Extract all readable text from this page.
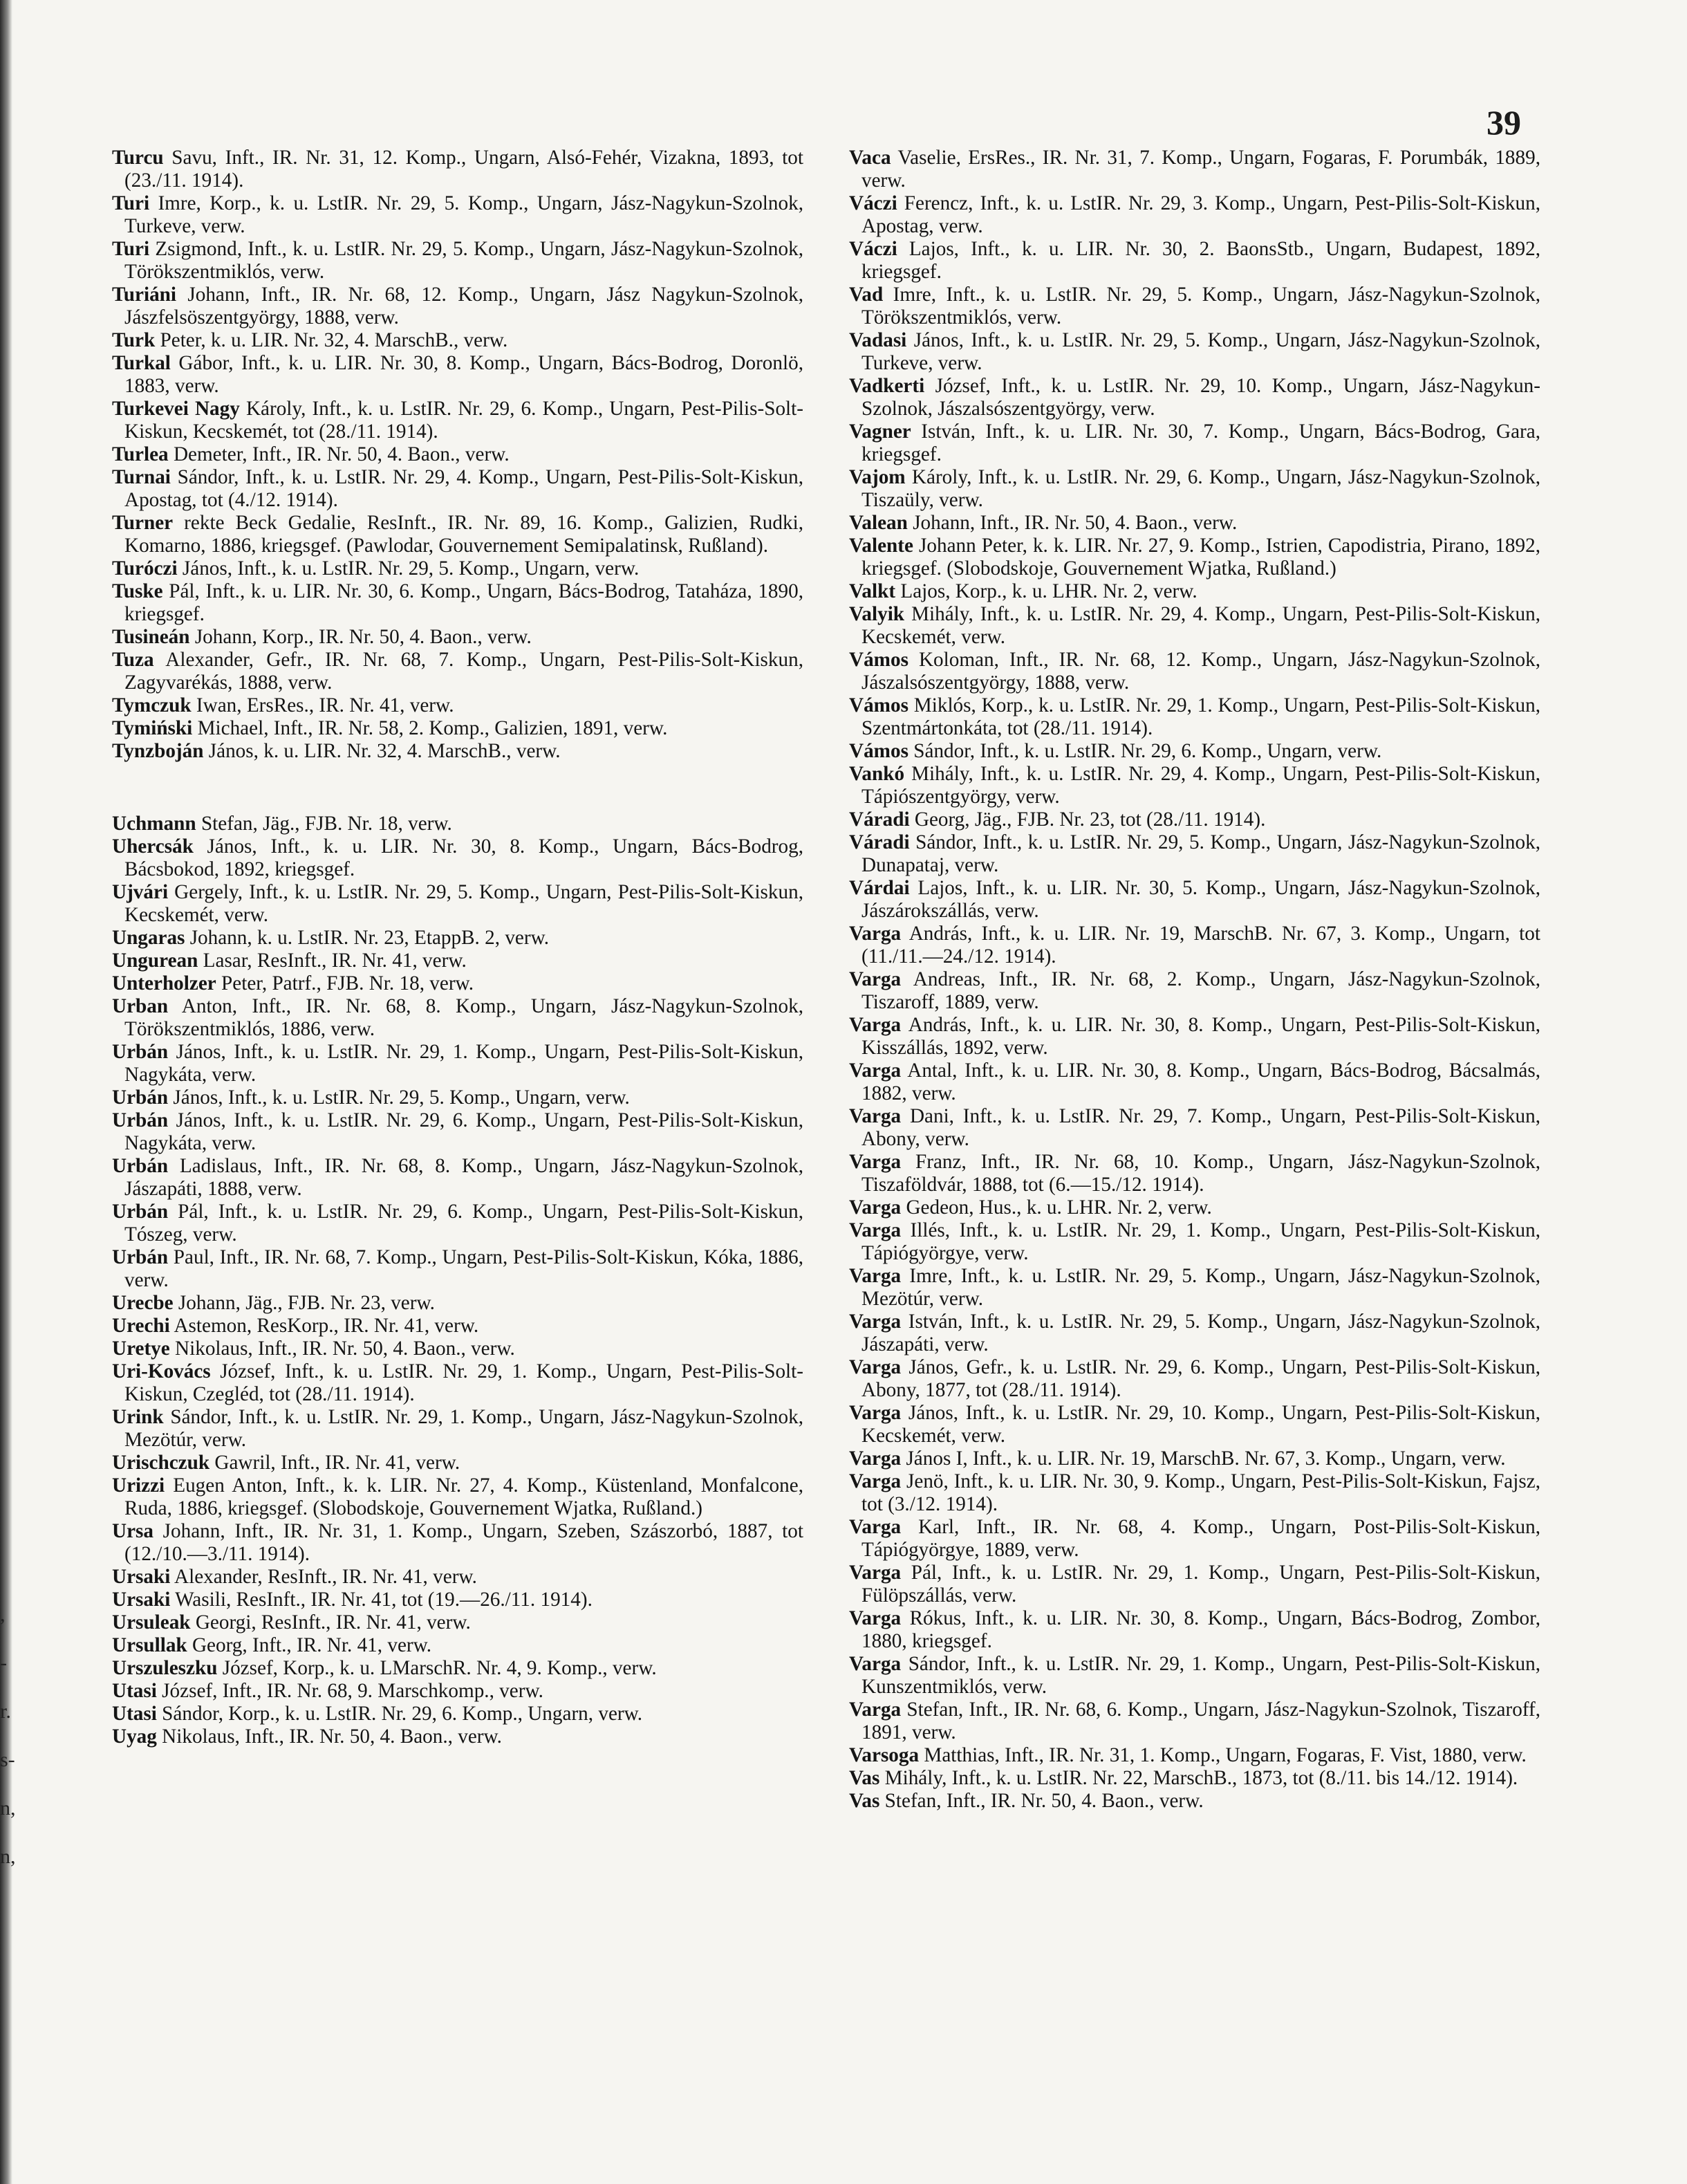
39

Turcu Savu, Inft., IR. Nr. 31, 12. Komp., Ungarn, Alsó-Fehér, Vizakna, 1893, tot (23./11. 1914).

Turi Imre, Korp., k. u. LstIR. Nr. 29, 5. Komp., Ungarn, Jász-Nagykun-Szolnok, Turkeve, verw.

Turi Zsigmond, Inft., k. u. LstIR. Nr. 29, 5. Komp., Ungarn, Jász-Nagykun-Szolnok, Törökszentmiklós, verw.

Turiáni Johann, Inft., IR. Nr. 68, 12. Komp., Ungarn, Jász Nagykun-Szolnok, Jászfelsöszentgyörgy, 1888, verw.

Turk Peter, k. u. LIR. Nr. 32, 4. MarschB., verw.

Turkal Gábor, Inft., k. u. LIR. Nr. 30, 8. Komp., Ungarn, Bács-Bodrog, Doronlö, 1883, verw.

Turkevei Nagy Károly, Inft., k. u. LstIR. Nr. 29, 6. Komp., Ungarn, Pest-Pilis-Solt-Kiskun, Kecskemét, tot (28./11. 1914).

Turlea Demeter, Inft., IR. Nr. 50, 4. Baon., verw.

Turnai Sándor, Inft., k. u. LstIR. Nr. 29, 4. Komp., Ungarn, Pest-Pilis-Solt-Kiskun, Apostag, tot (4./12. 1914).

Turner rekte Beck Gedalie, ResInft., IR. Nr. 89, 16. Komp., Galizien, Rudki, Komarno, 1886, kriegsgef. (Pawlodar, Gouvernement Semipalatinsk, Rußland).

Turóczi János, Inft., k. u. LstIR. Nr. 29, 5. Komp., Ungarn, verw.

Tuske Pál, Inft., k. u. LIR. Nr. 30, 6. Komp., Ungarn, Bács-Bodrog, Tataháza, 1890, kriegsgef.

Tusineán Johann, Korp., IR. Nr. 50, 4. Baon., verw.

Tuza Alexander, Gefr., IR. Nr. 68, 7. Komp., Ungarn, Pest-Pilis-Solt-Kiskun, Zagyvarékás, 1888, verw.

Tymczuk Iwan, ErsRes., IR. Nr. 41, verw.

Tymiński Michael, Inft., IR. Nr. 58, 2. Komp., Galizien, 1891, verw.

Tynzboján János, k. u. LIR. Nr. 32, 4. MarschB., verw.

Uchmann Stefan, Jäg., FJB. Nr. 18, verw.

Uhercsák János, Inft., k. u. LIR. Nr. 30, 8. Komp., Ungarn, Bács-Bodrog, Bácsbokod, 1892, kriegsgef.

Ujvári Gergely, Inft., k. u. LstIR. Nr. 29, 5. Komp., Ungarn, Pest-Pilis-Solt-Kiskun, Kecskemét, verw.

Ungaras Johann, k. u. LstIR. Nr. 23, EtappB. 2, verw.

Ungurean Lasar, ResInft., IR. Nr. 41, verw.

Unterholzer Peter, Patrf., FJB. Nr. 18, verw.

Urban Anton, Inft., IR. Nr. 68, 8. Komp., Ungarn, Jász-Nagykun-Szolnok, Törökszentmiklós, 1886, verw.

Urbán János, Inft., k. u. LstIR. Nr. 29, 1. Komp., Ungarn, Pest-Pilis-Solt-Kiskun, Nagykáta, verw.

Urbán János, Inft., k. u. LstIR. Nr. 29, 5. Komp., Ungarn, verw.

Urbán János, Inft., k. u. LstIR. Nr. 29, 6. Komp., Ungarn, Pest-Pilis-Solt-Kiskun, Nagykáta, verw.

Urbán Ladislaus, Inft., IR. Nr. 68, 8. Komp., Ungarn, Jász-Nagykun-Szolnok, Jászapáti, 1888, verw.

Urbán Pál, Inft., k. u. LstIR. Nr. 29, 6. Komp., Ungarn, Pest-Pilis-Solt-Kiskun, Tószeg, verw.

Urbán Paul, Inft., IR. Nr. 68, 7. Komp., Ungarn, Pest-Pilis-Solt-Kiskun, Kóka, 1886, verw.

Urecbe Johann, Jäg., FJB. Nr. 23, verw.

Urechi Astemon, ResKorp., IR. Nr. 41, verw.

Uretye Nikolaus, Inft., IR. Nr. 50, 4. Baon., verw.

Uri-Kovács József, Inft., k. u. LstIR. Nr. 29, 1. Komp., Ungarn, Pest-Pilis-Solt-Kiskun, Czegléd, tot (28./11. 1914).

Urink Sándor, Inft., k. u. LstIR. Nr. 29, 1. Komp., Ungarn, Jász-Nagykun-Szolnok, Mezötúr, verw.

Urischczuk Gawril, Inft., IR. Nr. 41, verw.

Urizzi Eugen Anton, Inft., k. k. LIR. Nr. 27, 4. Komp., Küstenland, Monfalcone, Ruda, 1886, kriegsgef. (Slobodskoje, Gouvernement Wjatka, Rußland.)

Ursa Johann, Inft., IR. Nr. 31, 1. Komp., Ungarn, Szeben, Szászorbó, 1887, tot (12./10.—3./11. 1914).

Ursaki Alexander, ResInft., IR. Nr. 41, verw.

Ursaki Wasili, ResInft., IR. Nr. 41, tot (19.—26./11. 1914).

Ursuleak Georgi, ResInft., IR. Nr. 41, verw.

Ursullak Georg, Inft., IR. Nr. 41, verw.

Urszuleszku József, Korp., k. u. LMarschR. Nr. 4, 9. Komp., verw.

Utasi József, Inft., IR. Nr. 68, 9. Marschkomp., verw.

Utasi Sándor, Korp., k. u. LstIR. Nr. 29, 6. Komp., Ungarn, verw.

Uyag Nikolaus, Inft., IR. Nr. 50, 4. Baon., verw.

Vaca Vaselie, ErsRes., IR. Nr. 31, 7. Komp., Ungarn, Fogaras, F. Porumbák, 1889, verw.

Váczi Ferencz, Inft., k. u. LstIR. Nr. 29, 3. Komp., Ungarn, Pest-Pilis-Solt-Kiskun, Apostag, verw.

Váczi Lajos, Inft., k. u. LIR. Nr. 30, 2. BaonsStb., Ungarn, Budapest, 1892, kriegsgef.

Vad Imre, Inft., k. u. LstIR. Nr. 29, 5. Komp., Ungarn, Jász-Nagykun-Szolnok, Törökszentmiklós, verw.

Vadasi János, Inft., k. u. LstIR. Nr. 29, 5. Komp., Ungarn, Jász-Nagykun-Szolnok, Turkeve, verw.

Vadkerti József, Inft., k. u. LstIR. Nr. 29, 10. Komp., Ungarn, Jász-Nagykun-Szolnok, Jászalsószentgyörgy, verw.

Vagner István, Inft., k. u. LIR. Nr. 30, 7. Komp., Ungarn, Bács-Bodrog, Gara, kriegsgef.

Vajom Károly, Inft., k. u. LstIR. Nr. 29, 6. Komp., Ungarn, Jász-Nagykun-Szolnok, Tiszaüly, verw.

Valean Johann, Inft., IR. Nr. 50, 4. Baon., verw.

Valente Johann Peter, k. k. LIR. Nr. 27, 9. Komp., Istrien, Capodistria, Pirano, 1892, kriegsgef. (Slobodskoje, Gouvernement Wjatka, Rußland.)

Valkt Lajos, Korp., k. u. LHR. Nr. 2, verw.

Valyik Mihály, Inft., k. u. LstIR. Nr. 29, 4. Komp., Ungarn, Pest-Pilis-Solt-Kiskun, Kecskemét, verw.

Vámos Koloman, Inft., IR. Nr. 68, 12. Komp., Ungarn, Jász-Nagykun-Szolnok, Jászalsószentgyörgy, 1888, verw.

Vámos Miklós, Korp., k. u. LstIR. Nr. 29, 1. Komp., Ungarn, Pest-Pilis-Solt-Kiskun, Szentmártonkáta, tot (28./11. 1914).

Vámos Sándor, Inft., k. u. LstIR. Nr. 29, 6. Komp., Ungarn, verw.

Vankó Mihály, Inft., k. u. LstIR. Nr. 29, 4. Komp., Ungarn, Pest-Pilis-Solt-Kiskun, Tápiószentgyörgy, verw.

Váradi Georg, Jäg., FJB. Nr. 23, tot (28./11. 1914).

Váradi Sándor, Inft., k. u. LstIR. Nr. 29, 5. Komp., Ungarn, Jász-Nagykun-Szolnok, Dunapataj, verw.

Várdai Lajos, Inft., k. u. LIR. Nr. 30, 5. Komp., Ungarn, Jász-Nagykun-Szolnok, Jászárokszállás, verw.

Varga András, Inft., k. u. LIR. Nr. 19, MarschB. Nr. 67, 3. Komp., Ungarn, tot (11./11.—24./12. 1914).

Varga Andreas, Inft., IR. Nr. 68, 2. Komp., Ungarn, Jász-Nagykun-Szolnok, Tiszaroff, 1889, verw.

Varga András, Inft., k. u. LIR. Nr. 30, 8. Komp., Ungarn, Pest-Pilis-Solt-Kiskun, Kisszállás, 1892, verw.

Varga Antal, Inft., k. u. LIR. Nr. 30, 8. Komp., Ungarn, Bács-Bodrog, Bácsalmás, 1882, verw.

Varga Dani, Inft., k. u. LstIR. Nr. 29, 7. Komp., Ungarn, Pest-Pilis-Solt-Kiskun, Abony, verw.

Varga Franz, Inft., IR. Nr. 68, 10. Komp., Ungarn, Jász-Nagykun-Szolnok, Tiszaföldvár, 1888, tot (6.—15./12. 1914).

Varga Gedeon, Hus., k. u. LHR. Nr. 2, verw.

Varga Illés, Inft., k. u. LstIR. Nr. 29, 1. Komp., Ungarn, Pest-Pilis-Solt-Kiskun, Tápiógyörgye, verw.

Varga Imre, Inft., k. u. LstIR. Nr. 29, 5. Komp., Ungarn, Jász-Nagykun-Szolnok, Mezötúr, verw.

Varga István, Inft., k. u. LstIR. Nr. 29, 5. Komp., Ungarn, Jász-Nagykun-Szolnok, Jászapáti, verw.

Varga János, Gefr., k. u. LstIR. Nr. 29, 6. Komp., Ungarn, Pest-Pilis-Solt-Kiskun, Abony, 1877, tot (28./11. 1914).

Varga János, Inft., k. u. LstIR. Nr. 29, 10. Komp., Ungarn, Pest-Pilis-Solt-Kiskun, Kecskemét, verw.

Varga János I, Inft., k. u. LIR. Nr. 19, MarschB. Nr. 67, 3. Komp., Ungarn, verw.

Varga Jenö, Inft., k. u. LIR. Nr. 30, 9. Komp., Ungarn, Pest-Pilis-Solt-Kiskun, Fajsz, tot (3./12. 1914).

Varga Karl, Inft., IR. Nr. 68, 4. Komp., Ungarn, Post-Pilis-Solt-Kiskun, Tápiógyörgye, 1889, verw.

Varga Pál, Inft., k. u. LstIR. Nr. 29, 1. Komp., Ungarn, Pest-Pilis-Solt-Kiskun, Fülöpszállás, verw.

Varga Rókus, Inft., k. u. LIR. Nr. 30, 8. Komp., Ungarn, Bács-Bodrog, Zombor, 1880, kriegsgef.

Varga Sándor, Inft., k. u. LstIR. Nr. 29, 1. Komp., Ungarn, Pest-Pilis-Solt-Kiskun, Kunszentmiklós, verw.

Varga Stefan, Inft., IR. Nr. 68, 6. Komp., Ungarn, Jász-Nagykun-Szolnok, Tiszaroff, 1891, verw.

Varsoga Matthias, Inft., IR. Nr. 31, 1. Komp., Ungarn, Fogaras, F. Vist, 1880, verw.

Vas Mihály, Inft., k. u. LstIR. Nr. 22, MarschB., 1873, tot (8./11. bis 14./12. 1914).

Vas Stefan, Inft., IR. Nr. 50, 4. Baon., verw.

,
-
r.
s-
n,
n,
